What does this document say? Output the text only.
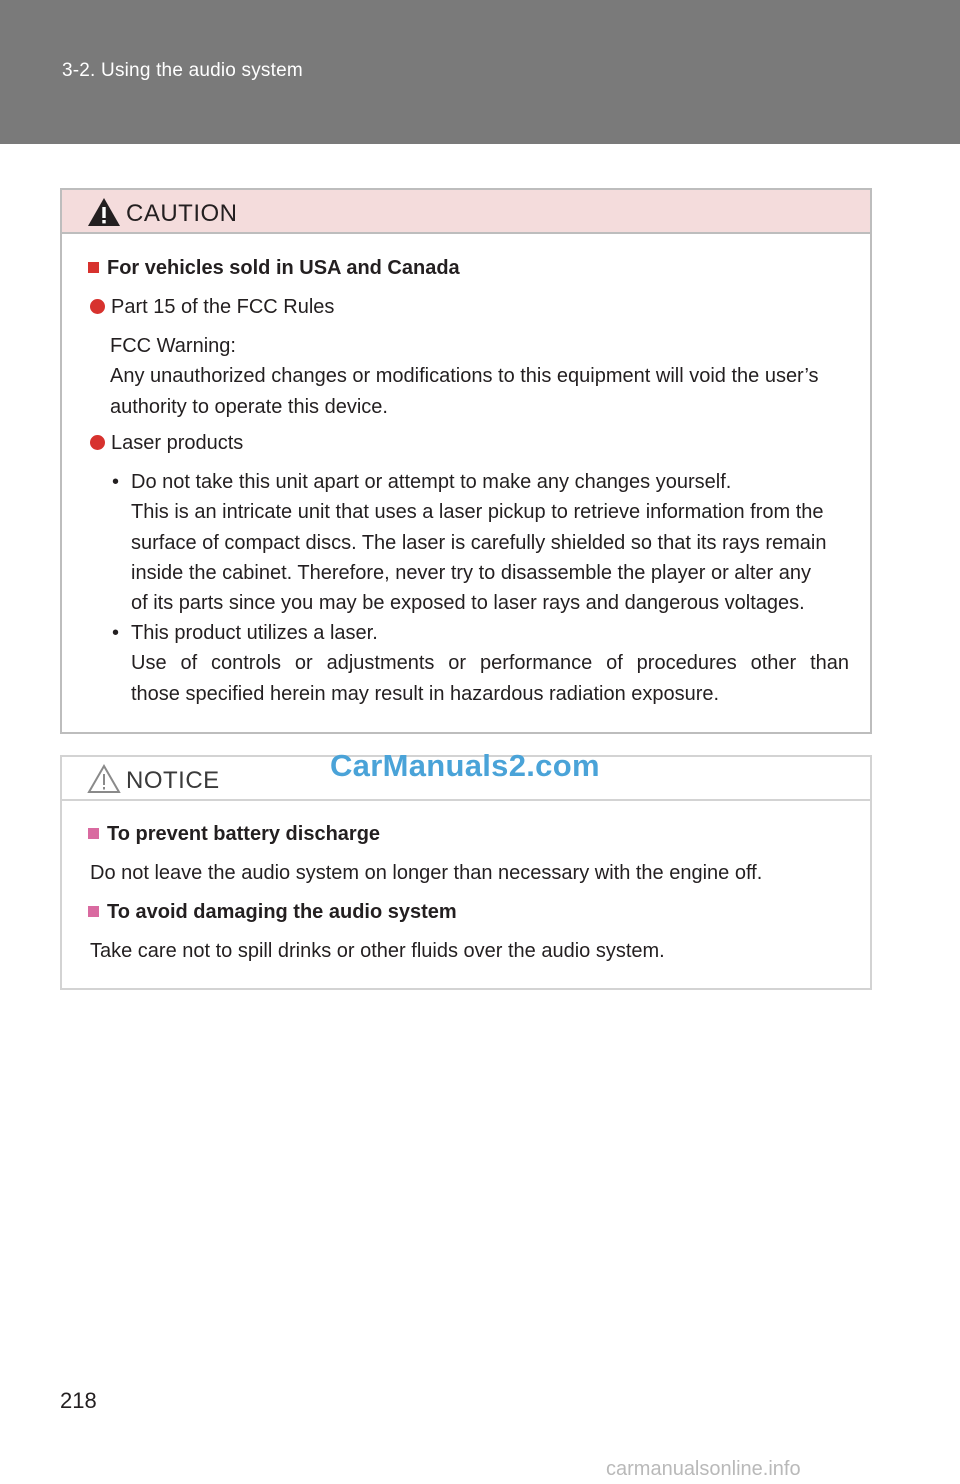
3-2. Using the audio system
CAUTION
For vehicles sold in USA and Canada
Part 15 of the FCC Rules
FCC Warning:
Any unauthorized changes or modifications to this equipment will void the user’s
authority to operate this device.
Laser products
• Do not take this unit apart or attempt to make any changes yourself.
This is an intricate unit that uses a laser pickup to retrieve information from the
surface of compact discs. The laser is carefully shielded so that its rays remain
inside the cabinet. Therefore, never try to disassemble the player or alter any
of its parts since you may be exposed to laser rays and dangerous voltages.
• This product utilizes a laser.
Use of controls or adjustments or performance of procedures other than
those specified herein may result in hazardous radiation exposure.
NOTICE
To prevent battery discharge
Do not leave the audio system on longer than necessary with the engine off.
To avoid damaging the audio system
Take care not to spill drinks or other fluids over the audio system.
CarManuals2.com
218
carmanualsonline.info
